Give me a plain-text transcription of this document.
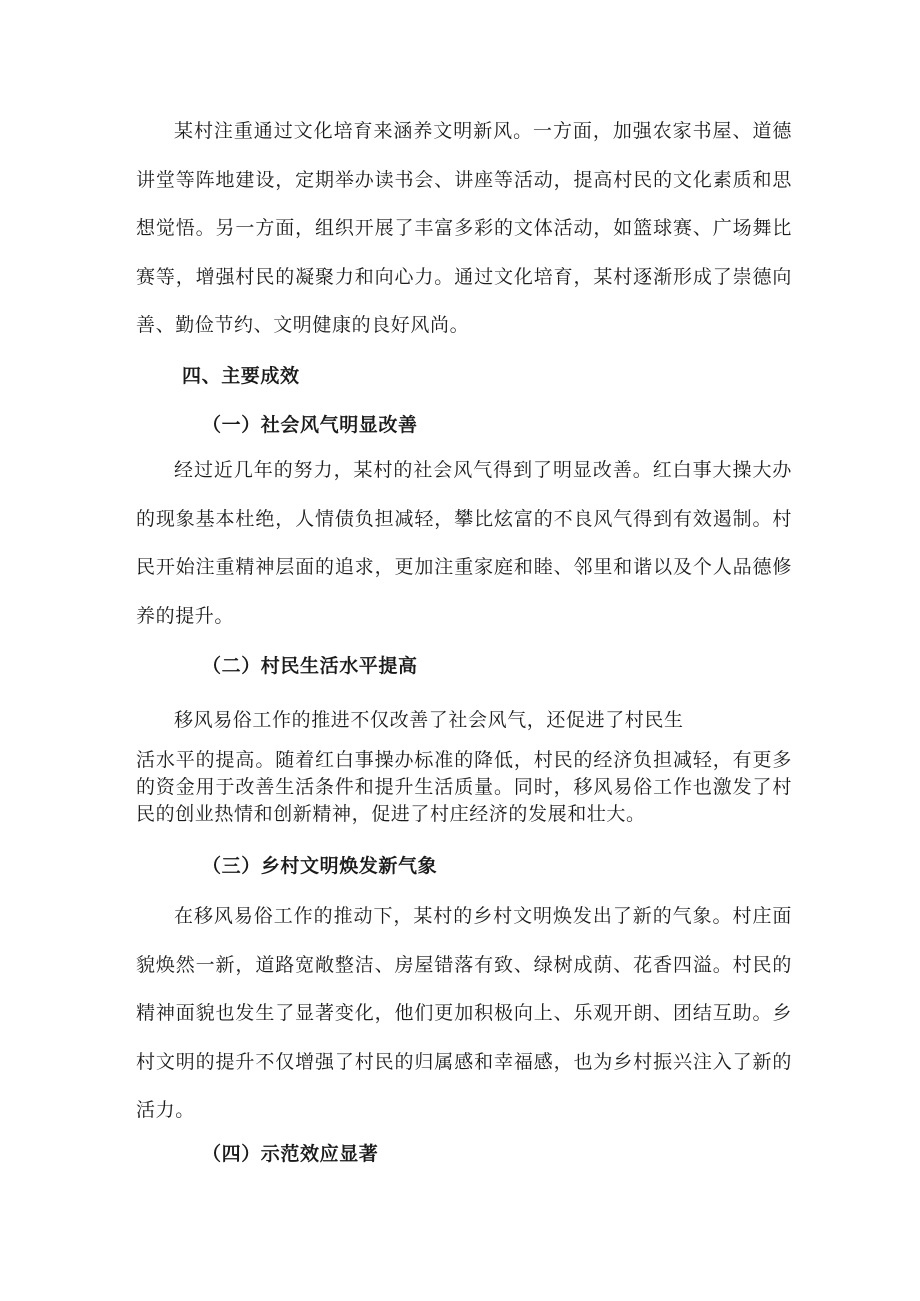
某村注重通过文化培育来涵养文明新风。一方面，加强农家书屋、道德讲堂等阵地建设，定期举办读书会、讲座等活动，提高村民的文化素质和思想觉悟。另一方面，组织开展了丰富多彩的文体活动，如篮球赛、广场舞比赛等，增强村民的凝聚力和向心力。通过文化培育，某村逐渐形成了崇德向善、勤俭节约、文明健康的良好风尚。

四、主要成效
（一）社会风气明显改善

经过近几年的努力，某村的社会风气得到了明显改善。红白事大操大办的现象基本杜绝，人情债负担减轻，攀比炫富的不良风气得到有效遏制。村民开始注重精神层面的追求，更加注重家庭和睦、邻里和谐以及个人品德修养的提升。

（二）村民生活水平提高

移风易俗工作的推进不仅改善了社会风气，还促进了村民生

活水平的提高。随着红白事操办标准的降低，村民的经济负担减轻，有更多的资金用于改善生活条件和提升生活质量。同时，移风易俗工作也激发了村民的创业热情和创新精神，促进了村庄经济的发展和壮大。

（三）乡村文明焕发新气象

在移风易俗工作的推动下，某村的乡村文明焕发出了新的气象。村庄面貌焕然一新，道路宽敞整洁、房屋错落有致、绿树成荫、花香四溢。村民的精神面貌也发生了显著变化，他们更加积极向上、乐观开朗、团结互助。乡村文明的提升不仅增强了村民的归属感和幸福感，也为乡村振兴注入了新的活力。

（四）示范效应显著
